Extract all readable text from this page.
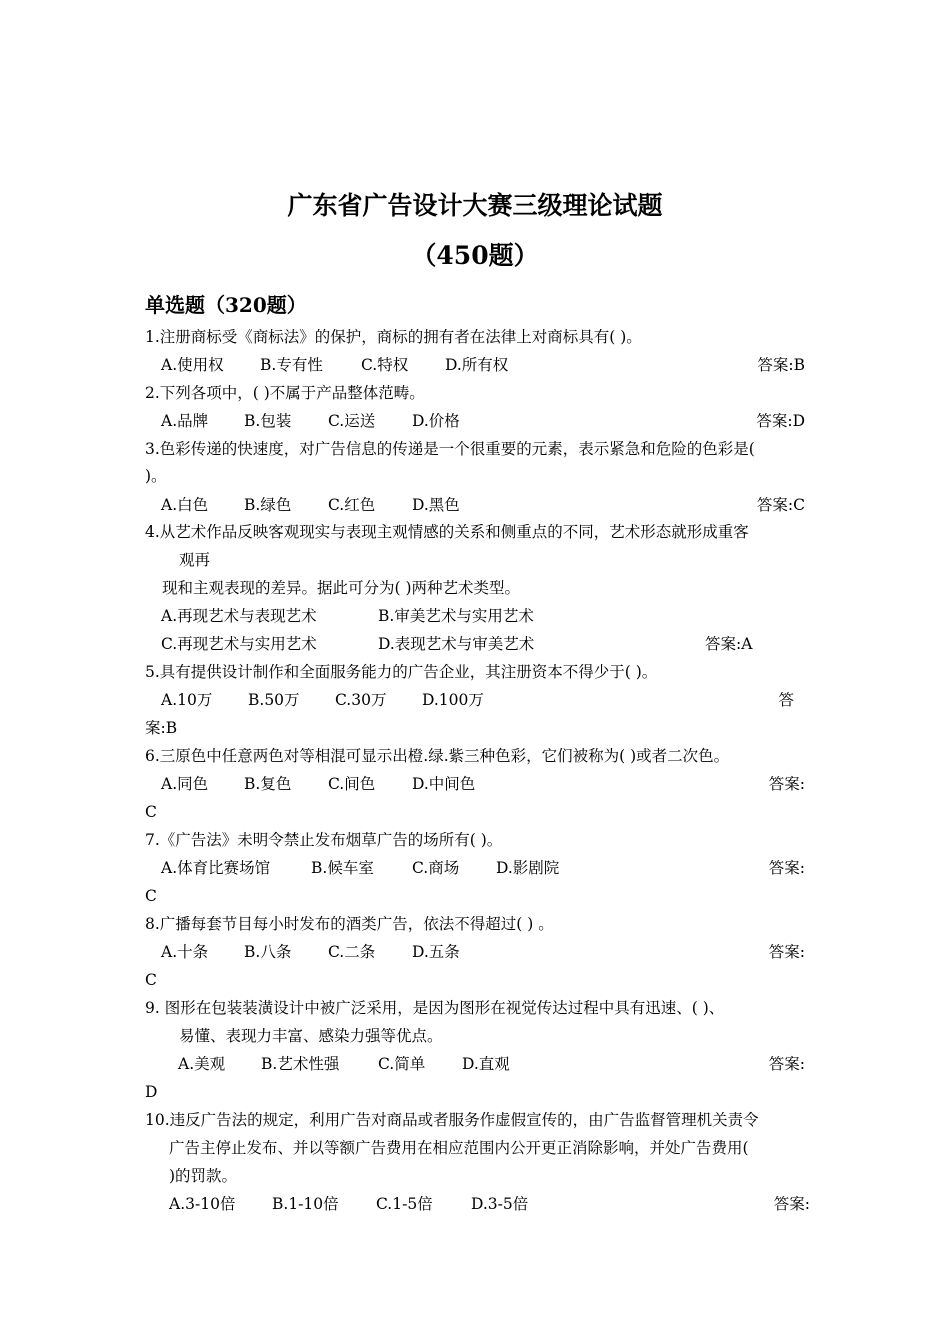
广东省广告设计大赛三级理论试题
（450题）
单选题（320题）
1.注册商标受《商标法》的保护，商标的拥有者在法律上对商标具有( )。
A.使用权 B.专有性 C.特权 D.所有权	答案:B
2.下列各项中，( )不属于产品整体范畴。
A.品牌 B.包装 C.运送 D.价格	答案:D
3.色彩传递的快速度，对广告信息的传递是一个很重要的元素，表示紧急和危险的色彩是(
)。
A.白色 B.绿色 C.红色 D.黑色	答案:C
4.从艺术作品反映客观现实与表现主观情感的关系和侧重点的不同，艺术形态就形成重客
观再
现和主观表现的差异。据此可分为( )两种艺术类型。
A.再现艺术与表现艺术	B.审美艺术与实用艺术
C.再现艺术与实用艺术	D.表现艺术与审美艺术	答案:A
5.具有提供设计制作和全面服务能力的广告企业，其注册资本不得少于( )。
A.10万 B.50万 C.30万 D.100万	答
案:B
6.三原色中任意两色对等相混可显示出橙.绿.紫三种色彩，它们被称为( )或者二次色。
A.同色 B.复色 C.间色 D.中间色	答案:
C
7.《广告法》未明令禁止发布烟草广告的场所有( )。
A.体育比赛场馆	B.候车室 C.商场 D.影剧院	答案:
C
8.广播每套节目每小时发布的酒类广告，依法不得超过( ) 。
A.十条 B.八条 C.二条 D.五条	答案:
C
9. 图形在包装装潢设计中被广泛采用，是因为图形在视觉传达过程中具有迅速、( )、
易懂、表现力丰富、感染力强等优点。
A.美观 B.艺术性强 C.简单 D.直观	答案:
D
10.违反广告法的规定，利用广告对商品或者服务作虚假宣传的，由广告监督管理机关责令
广告主停止发布、并以等额广告费用在相应范围内公开更正消除影响，并处广告费用(
)的罚款。
A.3-10倍 B.1-10倍 C.1-5倍 D.3-5倍	答案:
